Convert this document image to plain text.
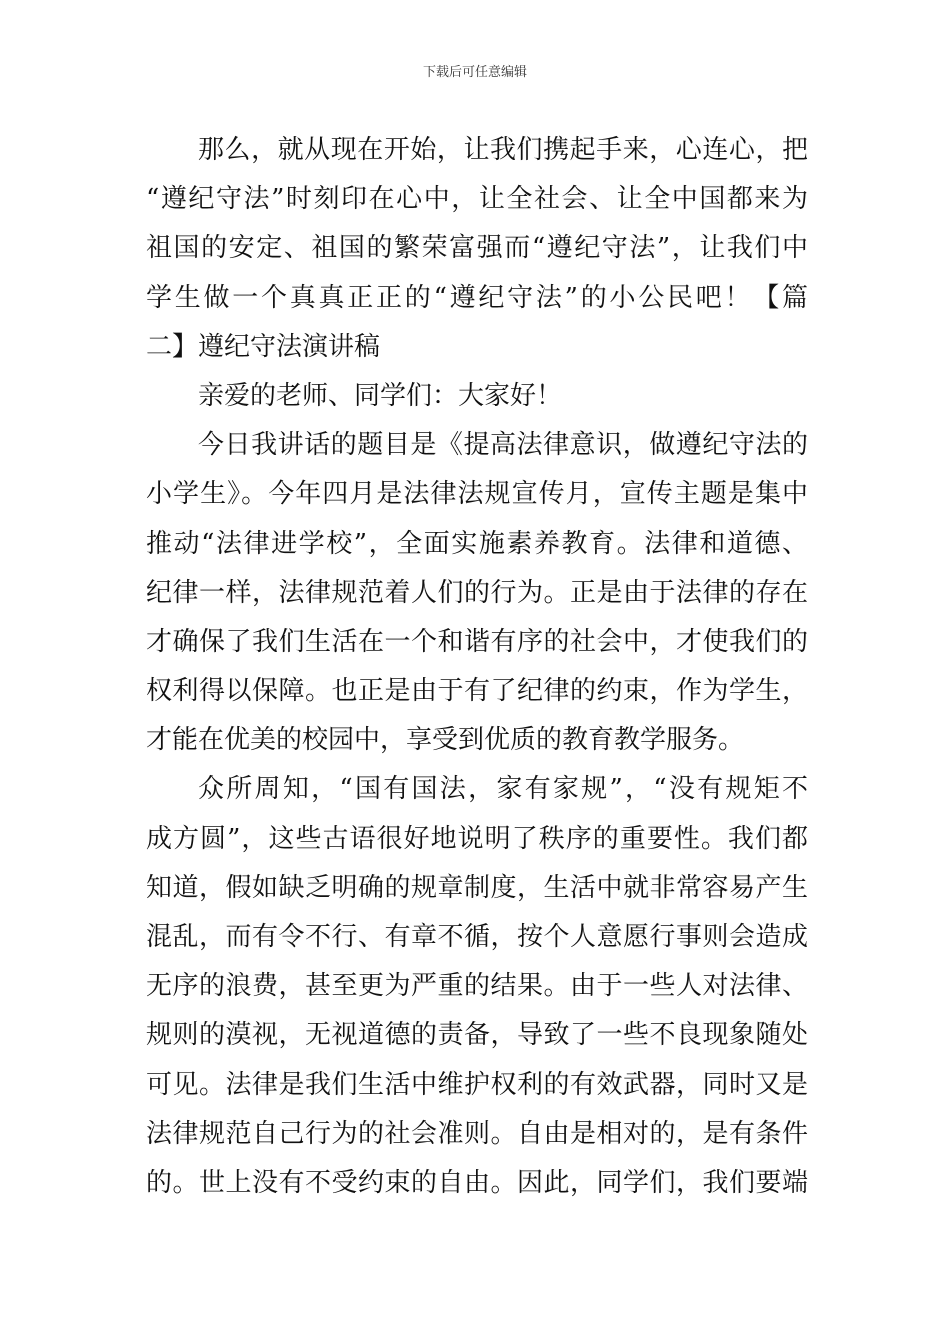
下载后可任意编辑
那么，就从现在开始，让我们携起手来，心连心，把
“遵纪守法”时刻印在心中，让全社会、让全中国都来为
祖国的安定、祖国的繁荣富强而“遵纪守法”，让我们中
学生做一个真真正正的“遵纪守法”的小公民吧！【篇
二】遵纪守法演讲稿
亲爱的老师、同学们：大家好！
今日我讲话的题目是《提高法律意识，做遵纪守法的
小学生》。今年四月是法律法规宣传月，宣传主题是集中
推动“法律进学校”，全面实施素养教育。法律和道德、
纪律一样，法律规范着人们的行为。正是由于法律的存在
才确保了我们生活在一个和谐有序的社会中，才使我们的
权利得以保障。也正是由于有了纪律的约束，作为学生，
才能在优美的校园中，享受到优质的教育教学服务。
众所周知，“国有国法，家有家规”，“没有规矩不
成方圆”，这些古语很好地说明了秩序的重要性。我们都
知道，假如缺乏明确的规章制度，生活中就非常容易产生
混乱，而有令不行、有章不循，按个人意愿行事则会造成
无序的浪费，甚至更为严重的结果。由于一些人对法律、
规则的漠视，无视道德的责备，导致了一些不良现象随处
可见。法律是我们生活中维护权利的有效武器，同时又是
法律规范自己行为的社会准则。自由是相对的，是有条件
的。世上没有不受约束的自由。因此，同学们，我们要端
